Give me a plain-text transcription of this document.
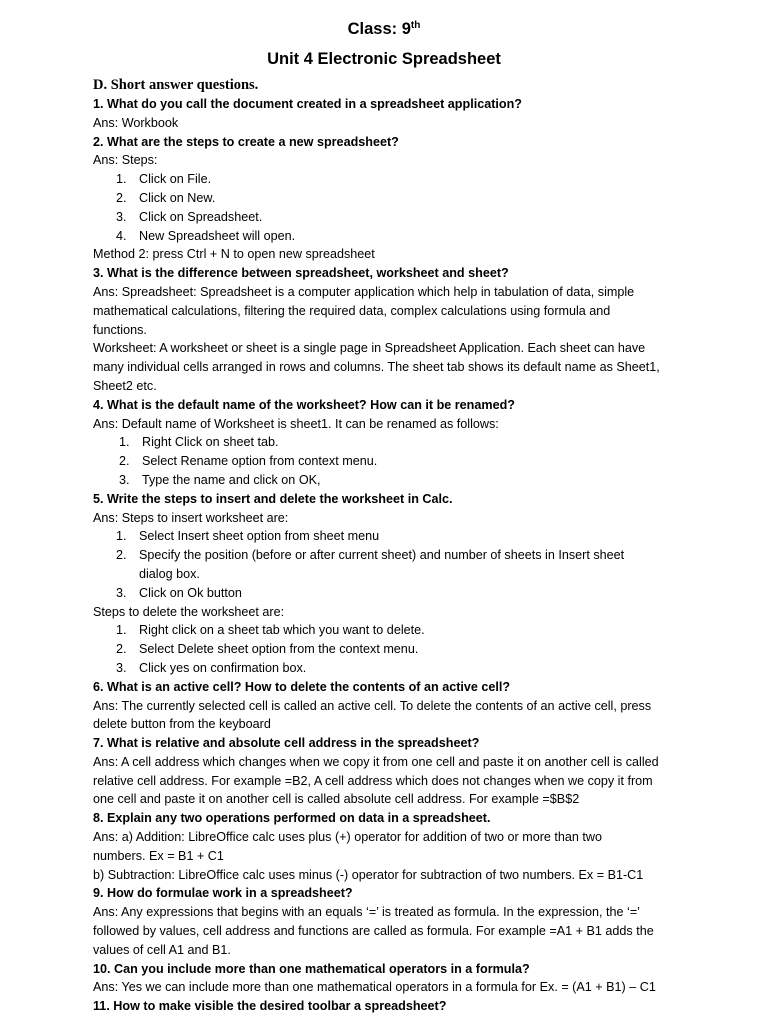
Class: 9th
Unit 4 Electronic Spreadsheet
D. Short answer questions.
1. What do you call the document created in a spreadsheet application?
Ans: Workbook
2. What are the steps to create a new spreadsheet?
Ans: Steps:
1. Click on File.
2. Click on New.
3. Click on Spreadsheet.
4. New Spreadsheet will open.
Method 2: press Ctrl + N to open new spreadsheet
3. What is the difference between spreadsheet, worksheet and sheet?
Ans: Spreadsheet: Spreadsheet is a computer application which help in tabulation of data, simple
mathematical calculations, filtering the required data, complex calculations using formula and
functions.
Worksheet: A worksheet or sheet is a single page in Spreadsheet Application. Each sheet can have
many individual cells arranged in rows and columns. The sheet tab shows its default name as Sheet1,
Sheet2 etc.
4. What is the default name of the worksheet? How can it be renamed?
Ans: Default name of Worksheet is sheet1. It can be renamed as follows:
1. Right Click on sheet tab.
2. Select Rename option from context menu.
3. Type the name and click on OK,
5. Write the steps to insert and delete the worksheet in Calc.
Ans: Steps to insert worksheet are:
1. Select Insert sheet option from sheet menu
2. Specify the position (before or after current sheet) and number of sheets in Insert sheet
dialog box.
3. Click on Ok button
Steps to delete the worksheet are:
1. Right click on a sheet tab which you want to delete.
2. Select Delete sheet option from the context menu.
3. Click yes on confirmation box.
6. What is an active cell? How to delete the contents of an active cell?
Ans: The currently selected cell is called an active cell. To delete the contents of an active cell, press
delete button from the keyboard
7. What is relative and absolute cell address in the spreadsheet?
Ans: A cell address which changes when we copy it from one cell and paste it on another cell is called
relative cell address. For example =B2, A cell address which does not changes when we copy it from
one cell and paste it on another cell is called absolute cell address. For example =$B$2
8. Explain any two operations performed on data in a spreadsheet.
Ans: a) Addition: LibreOffice calc uses plus (+) operator for addition of two or more than two
numbers. Ex = B1 + C1
b) Subtraction: LibreOffice calc uses minus (-) operator for subtraction of two numbers. Ex = B1-C1
9. How do formulae work in a spreadsheet?
Ans: Any expressions that begins with an equals ‘=’ is treated as formula. In the expression, the ‘=’
followed by values, cell address and functions are called as formula. For example =A1 + B1 adds the
values of cell A1 and B1.
10. Can you include more than one mathematical operators in a formula?
Ans: Yes we can include more than one mathematical operators in a formula for Ex. = (A1 + B1) – C1
11. How to make visible the desired toolbar a spreadsheet?
